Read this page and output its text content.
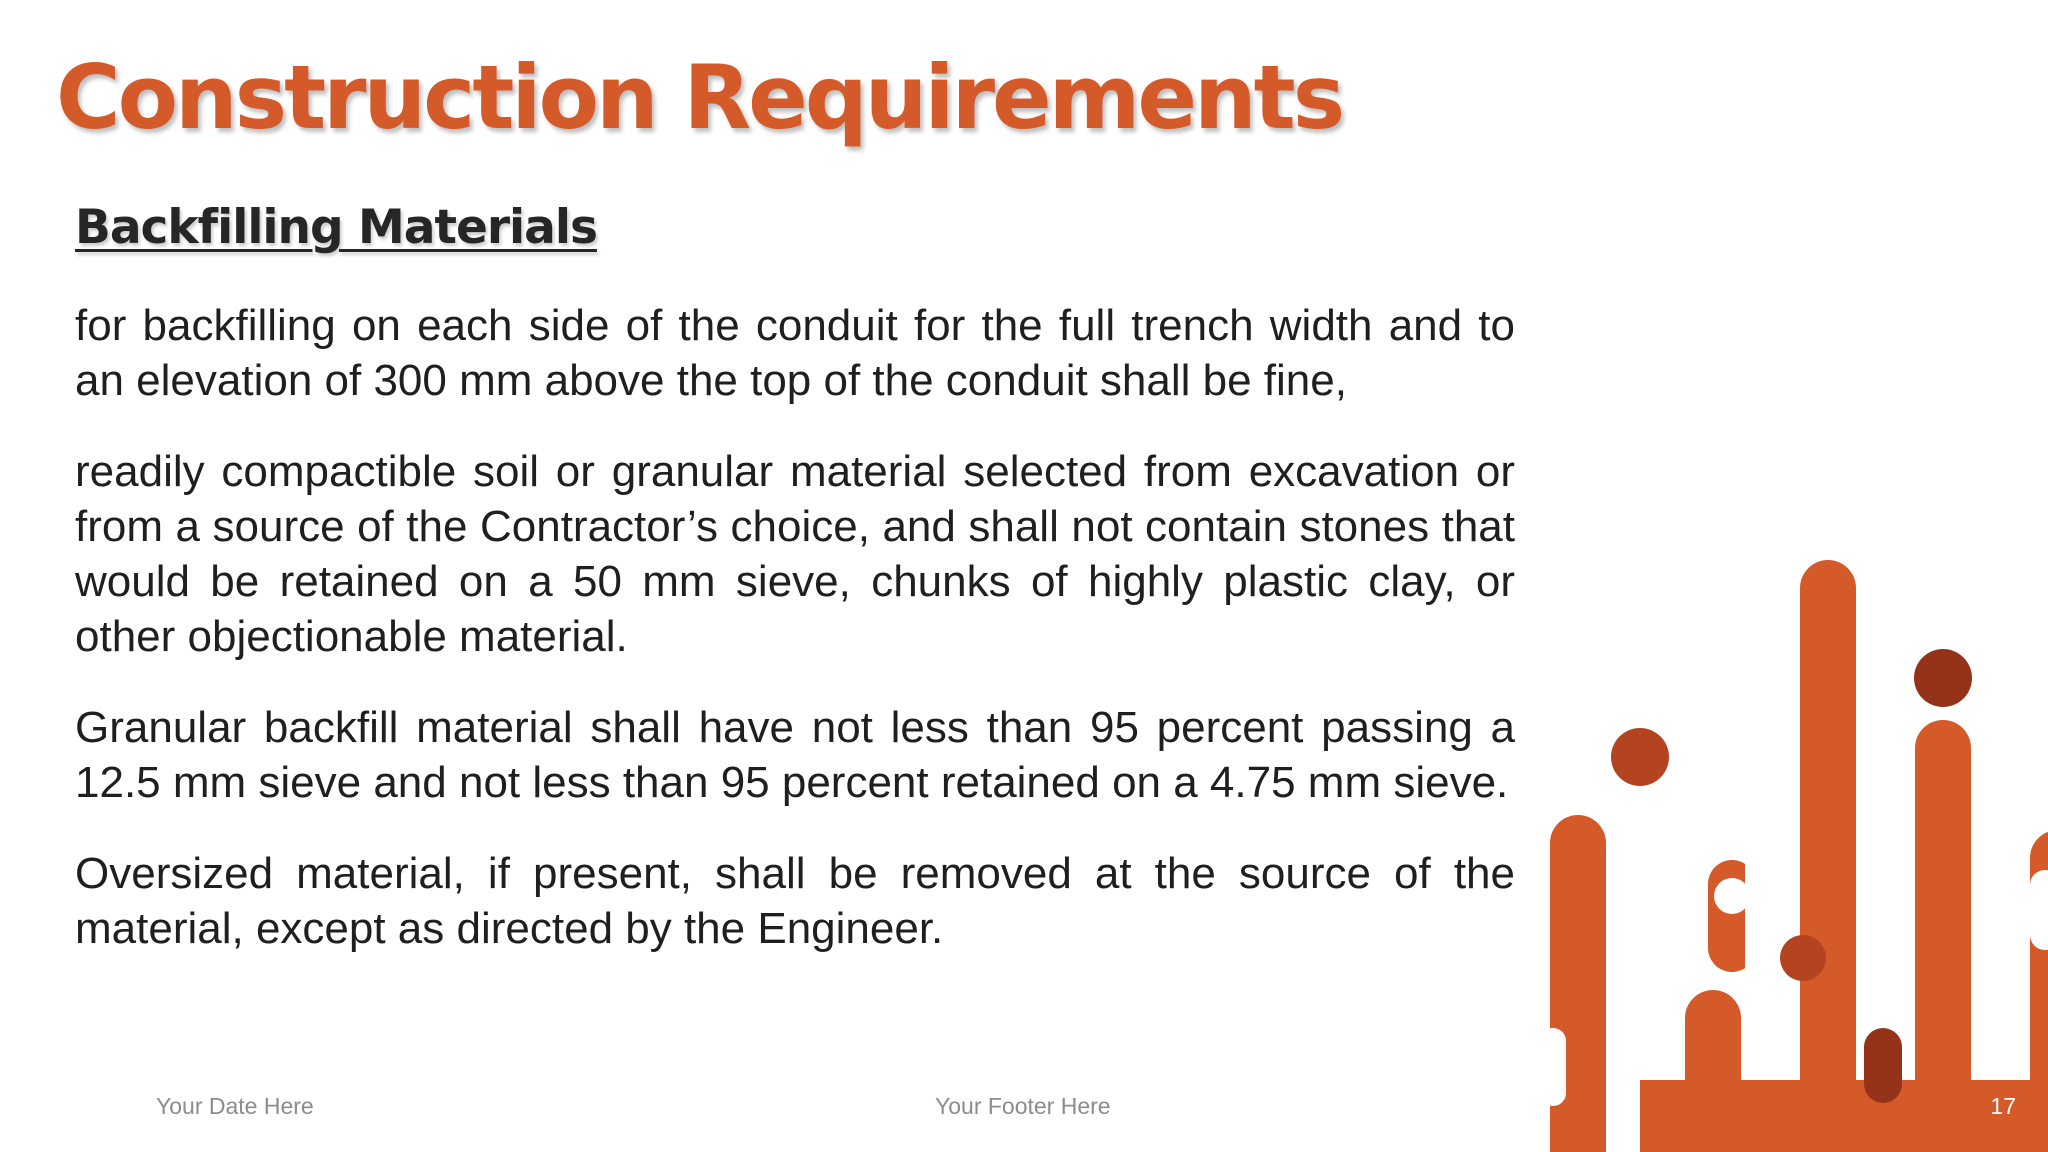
Construction Requirements
Backfilling Materials

for backfilling on each side of the conduit for the full trench width and to an elevation of 300 mm above the top of the conduit shall be fine,

readily compactible soil or granular material selected from excavation or from a source of the Contractor’s choice, and shall not contain stones that would be retained on a 50 mm sieve, chunks of highly plastic clay, or other objectionable material.

Granular backfill material shall have not less than 95 percent passing a 12.5 mm sieve and not less than 95 percent retained on a 4.75 mm sieve.

Oversized material, if present, shall be removed at the source of the material, except as directed by the Engineer.

Your Date Here	Your Footer Here	17
